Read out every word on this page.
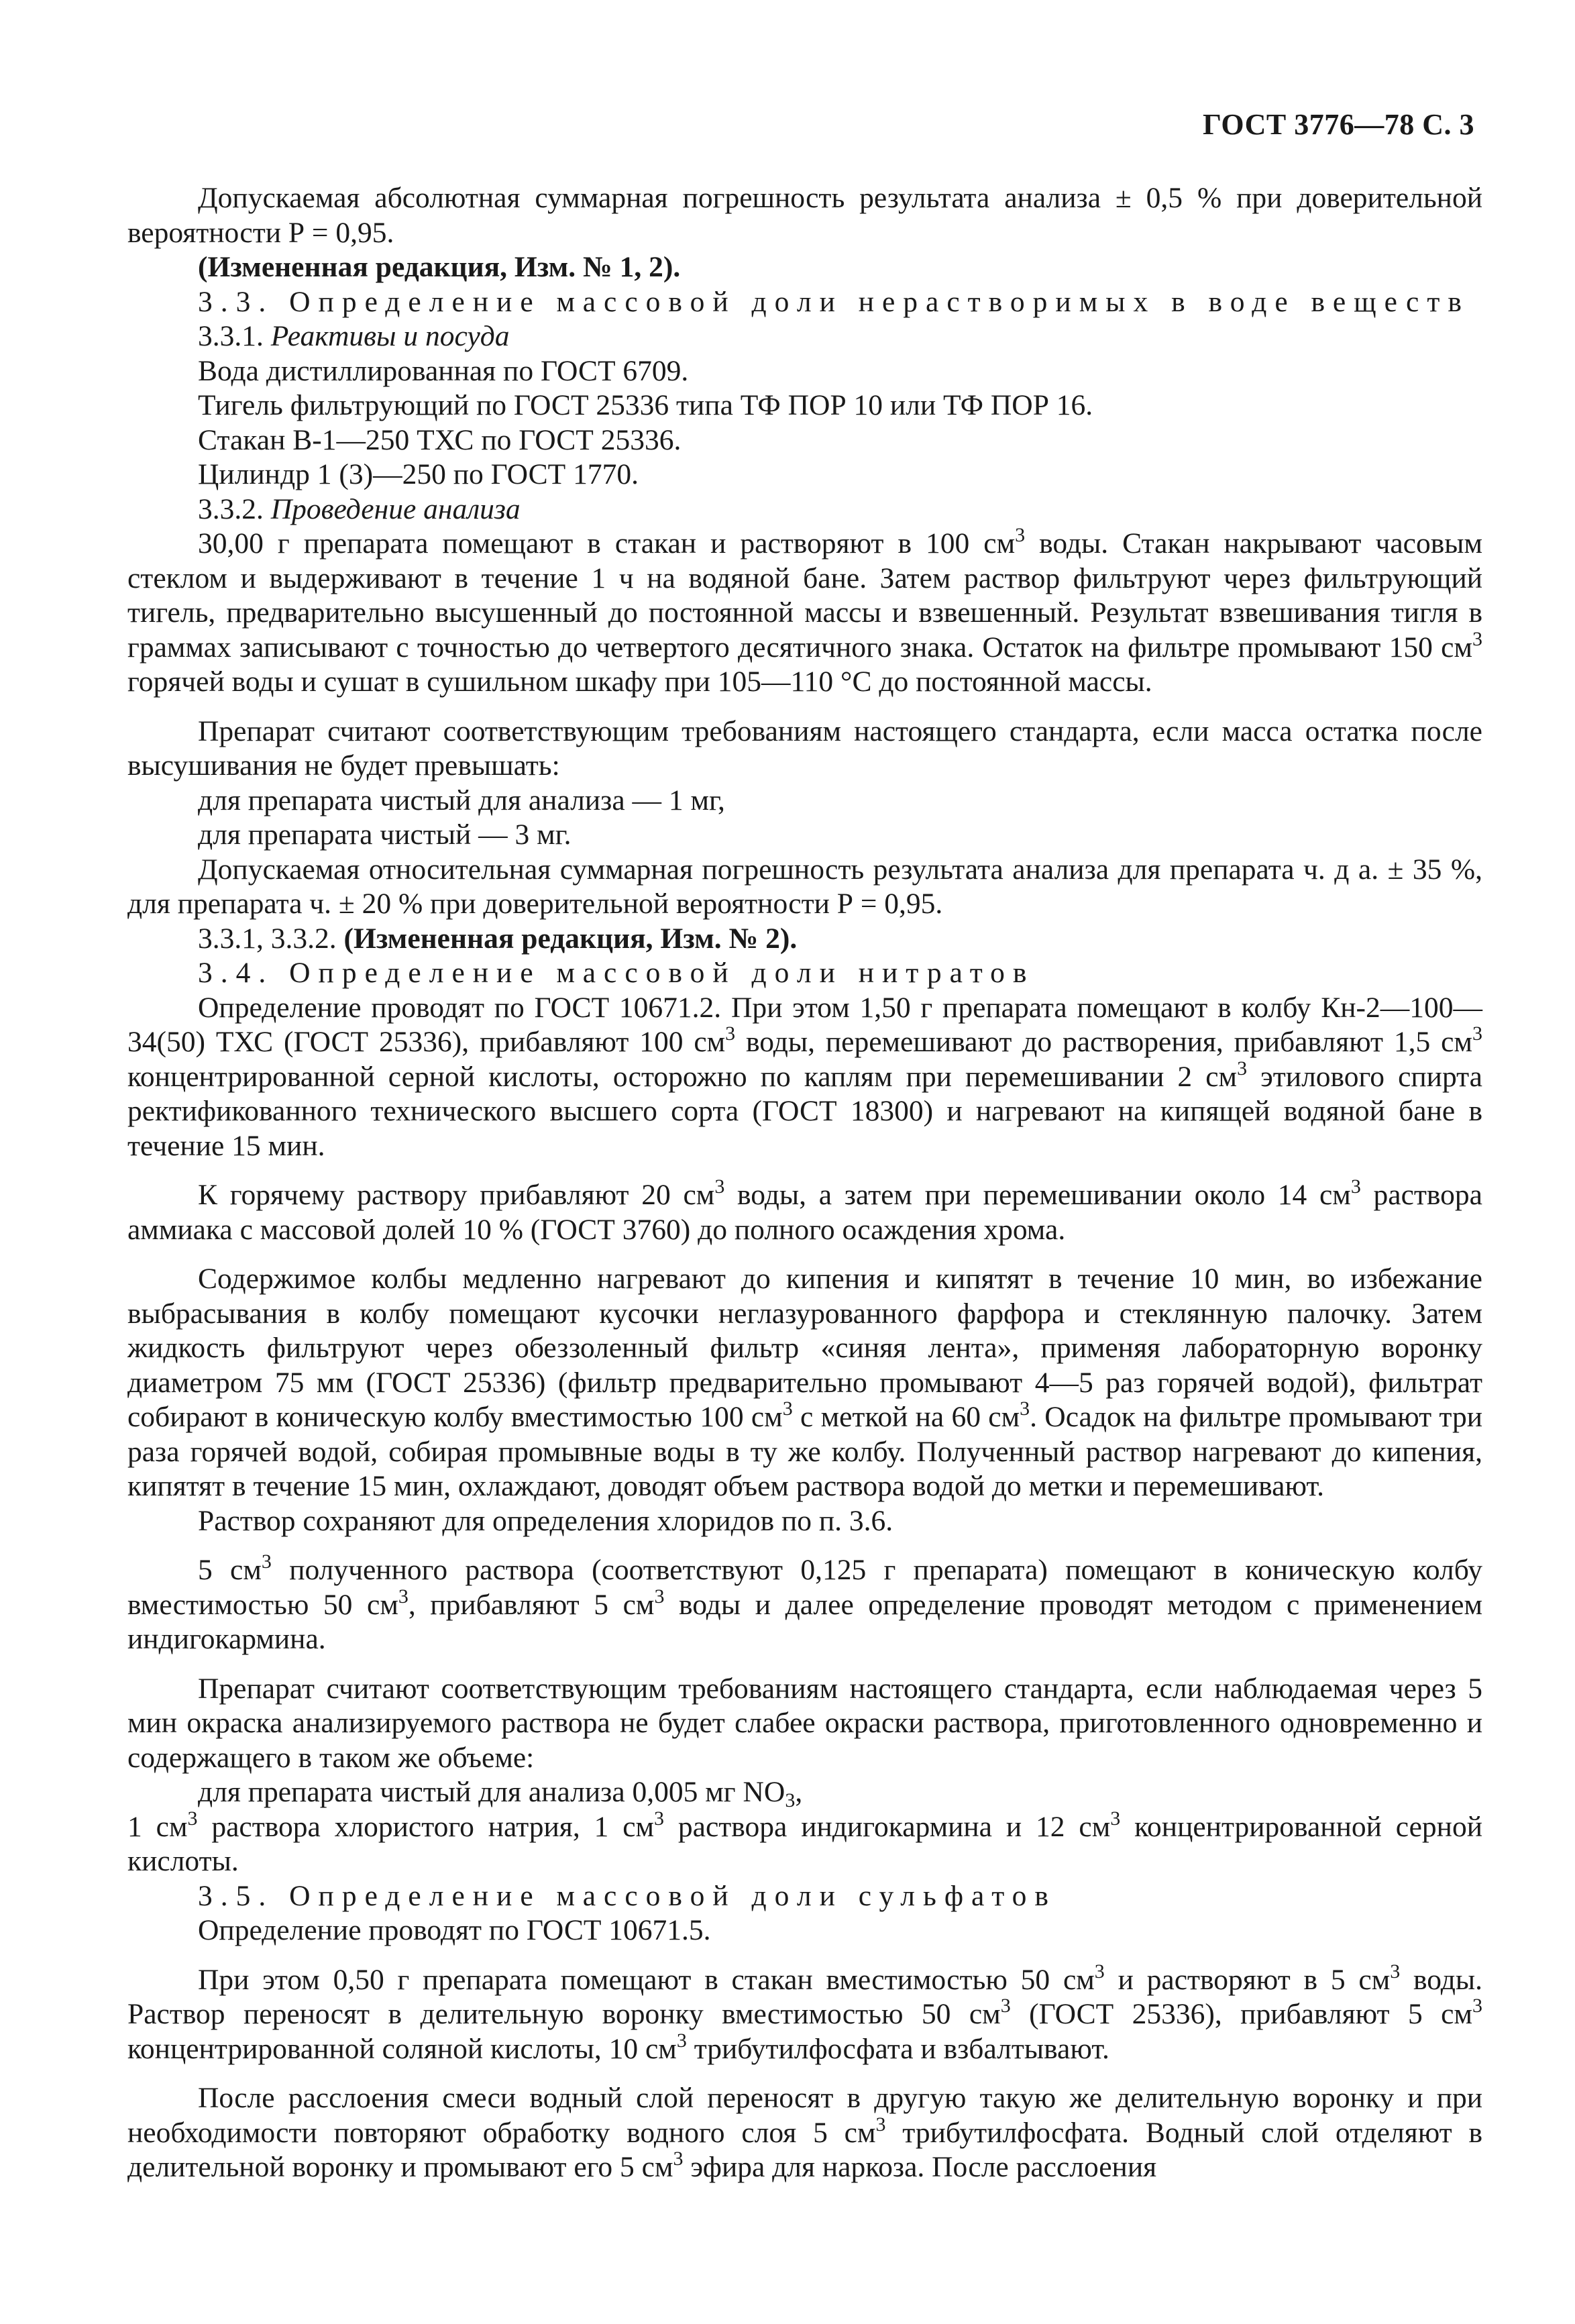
ГОСТ 3776—78 С. 3

Допускаемая абсолютная суммарная погрешность результата анализа ± 0,5 % при доверительной вероятности Р = 0,95.

(Измененная редакция, Изм. № 1, 2).

3.3. Определение массовой доли нерастворимых в воде веществ

3.3.1. Реактивы и посуда

Вода дистиллированная по ГОСТ 6709.

Тигель фильтрующий по ГОСТ 25336 типа ТФ ПОР 10 или ТФ ПОР 16.

Стакан В-1—250 ТХС по ГОСТ 25336.

Цилиндр 1 (3)—250 по ГОСТ 1770.

3.3.2. Проведение анализа

30,00 г препарата помещают в стакан и растворяют в 100 $см^3$ воды. Стакан накрывают часовым стеклом и выдерживают в течение 1 ч на водяной бане. Затем раствор фильтруют через фильтрующий тигель, предварительно высушенный до постоянной массы и взвешенный. Результат взвешивания тигля в граммах записывают с точностью до четвертого десятичного знака. Остаток на фильтре промывают 150 $см^3$ горячей воды и сушат в сушильном шкафу при 105—110 °С до постоянной массы.

Препарат считают соответствующим требованиям настоящего стандарта, если масса остатка после высушивания не будет превышать:

для препарата чистый для анализа — 1 мг,

для препарата чистый — 3 мг.

Допускаемая относительная суммарная погрешность результата анализа для препарата ч. д а. ± 35 %, для препарата ч. ± 20 % при доверительной вероятности Р = 0,95.

3.3.1, 3.3.2. (Измененная редакция, Изм. № 2).

3.4. Определение массовой доли нитратов

Определение проводят по ГОСТ 10671.2. При этом 1,50 г препарата помещают в колбу Кн-2—100—34(50) ТХС (ГОСТ 25336), прибавляют 100 $см^3$ воды, перемешивают до растворения, прибавляют 1,5 $см^3$ концентрированной серной кислоты, осторожно по каплям при перемешивании 2 $см^3$ этилового спирта ректификованного технического высшего сорта (ГОСТ 18300) и нагревают на кипящей водяной бане в течение 15 мин.

К горячему раствору прибавляют 20 $см^3$ воды, а затем при перемешивании около 14 $см^3$ раствора аммиака с массовой долей 10 % (ГОСТ 3760) до полного осаждения хрома.

Содержимое колбы медленно нагревают до кипения и кипятят в течение 10 мин, во избежание выбрасывания в колбу помещают кусочки неглазурованного фарфора и стеклянную палочку. Затем жидкость фильтруют через обеззоленный фильтр «синяя лента», применяя лабораторную воронку диаметром 75 мм (ГОСТ 25336) (фильтр предварительно промывают 4—5 раз горячей водой), фильтрат собирают в коническую колбу вместимостью 100 $см^3$ с меткой на 60 $см^3$. Осадок на фильтре промывают три раза горячей водой, собирая промывные воды в ту же колбу. Полученный раствор нагревают до кипения, кипятят в течение 15 мин, охлаждают, доводят объем раствора водой до метки и перемешивают.

Раствор сохраняют для определения хлоридов по п. 3.6.

5 $см^3$ полученного раствора (соответствуют 0,125 г препарата) помещают в коническую колбу вместимостью 50 $см^3$, прибавляют 5 $см^3$ воды и далее определение проводят методом с применением индигокармина.

Препарат считают соответствующим требованиям настоящего стандарта, если наблюдаемая через 5 мин окраска анализируемого раствора не будет слабее окраски раствора, приготовленного одновременно и содержащего в таком же объеме:

для препарата чистый для анализа 0,005 мг $NO_3$,

1 $см^3$ раствора хлористого натрия, 1 $см^3$ раствора индигокармина и 12 $см^3$ концентрированной серной кислоты.

3.5. Определение массовой доли сульфатов

Определение проводят по ГОСТ 10671.5.

При этом 0,50 г препарата помещают в стакан вместимостью 50 $см^3$ и растворяют в 5 $см^3$ воды. Раствор переносят в делительную воронку вместимостью 50 $см^3$ (ГОСТ 25336), прибавляют 5 $см^3$ концентрированной соляной кислоты, 10 $см^3$ трибутилфосфата и взбалтывают.

После расслоения смеси водный слой переносят в другую такую же делительную воронку и при необходимости повторяют обработку водного слоя 5 $см^3$ трибутилфосфата. Водный слой отделяют в делительной воронку и промывают его 5 $см^3$ эфира для наркоза. После расслоения
